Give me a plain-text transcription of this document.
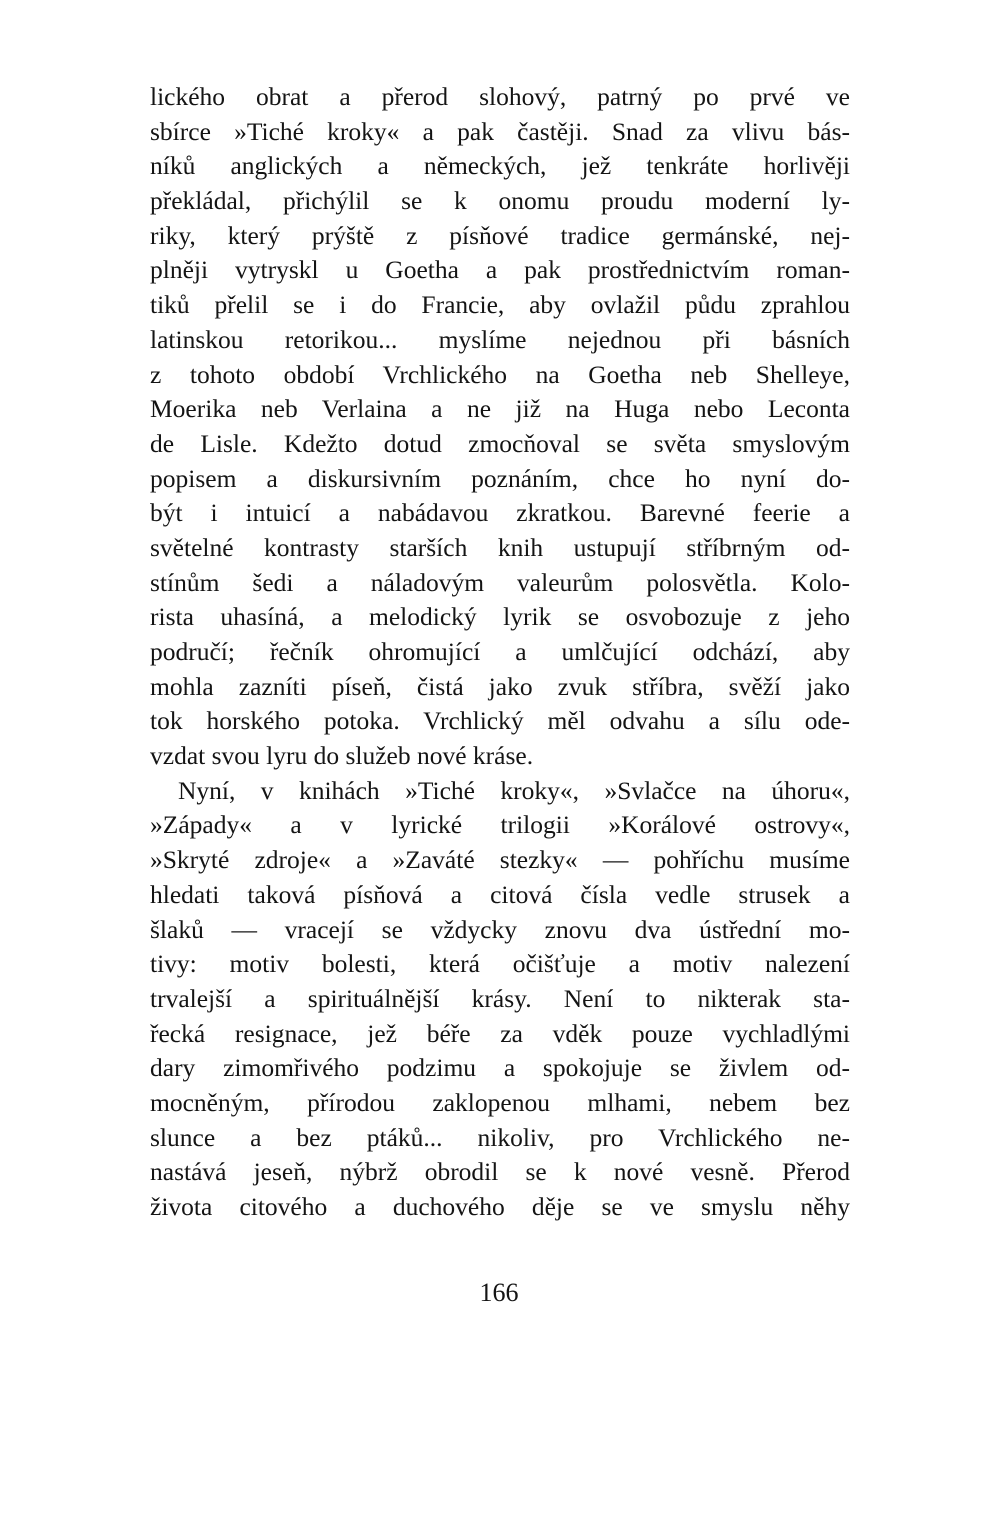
lického obrat a přerod slohový, patrný po prvé ve
sbírce »Tiché kroky« a pak častěji. Snad za vlivu bás-
níků anglických a německých, jež tenkráte horlivěji
překládal, přichýlil se k onomu proudu moderní ly-
riky, který prýště z písňové tradice germánské, nej-
plněji vytryskl u Goetha a pak prostřednictvím roman-
tiků přelil se i do Francie, aby ovlažil půdu zprahlou
latinskou retorikou... myslíme nejednou při básních
z tohoto období Vrchlického na Goetha neb Shelleye,
Moerika neb Verlaina a ne již na Huga nebo Leconta
de Lisle. Kdežto dotud zmocňoval se světa smyslovým
popisem a diskursivním poznáním, chce ho nyní do-
být i intuicí a nabádavou zkratkou. Barevné feerie a
světelné kontrasty starších knih ustupují stříbrným od-
stínům šedi a náladovým valeurům polosvětla. Kolo-
rista uhasíná, a melodický lyrik se osvobozuje z jeho
područí; řečník ohromující a umlčující odchází, aby
mohla zazníti píseň, čistá jako zvuk stříbra, svěží jako
tok horského potoka. Vrchlický měl odvahu a sílu ode-
vzdat svou lyru do služeb nové krásе.
Nyní, v knihách »Tiché kroky«, »Svlačce na úhoru«,
»Západy« a v lyrické trilogii »Korálové ostrovy«,
»Skryté zdroje« a »Zaváté stezky« — pohříchu musíme
hledati taková písňová a citová čísla vedle strusek a
šlaků — vracejí se vždycky znovu dva ústřední mo-
tivy: motiv bolesti, která očišťuje a motiv nalezení
trvalejší a spirituálnější krásy. Není to nikterak sta-
řecká resignace, jež béře za vděk pouze vychladlými
dary zimomřivého podzimu a spokojuje se živlem od-
mocněným, přírodou zaklopenou mlhami, nebem bez
slunce a bez ptáků... nikoliv, pro Vrchlického ne-
nastává jeseň, nýbrž obrodil se k nové vesně. Přerod
života citového a duchového děje se ve smyslu něhy
166
